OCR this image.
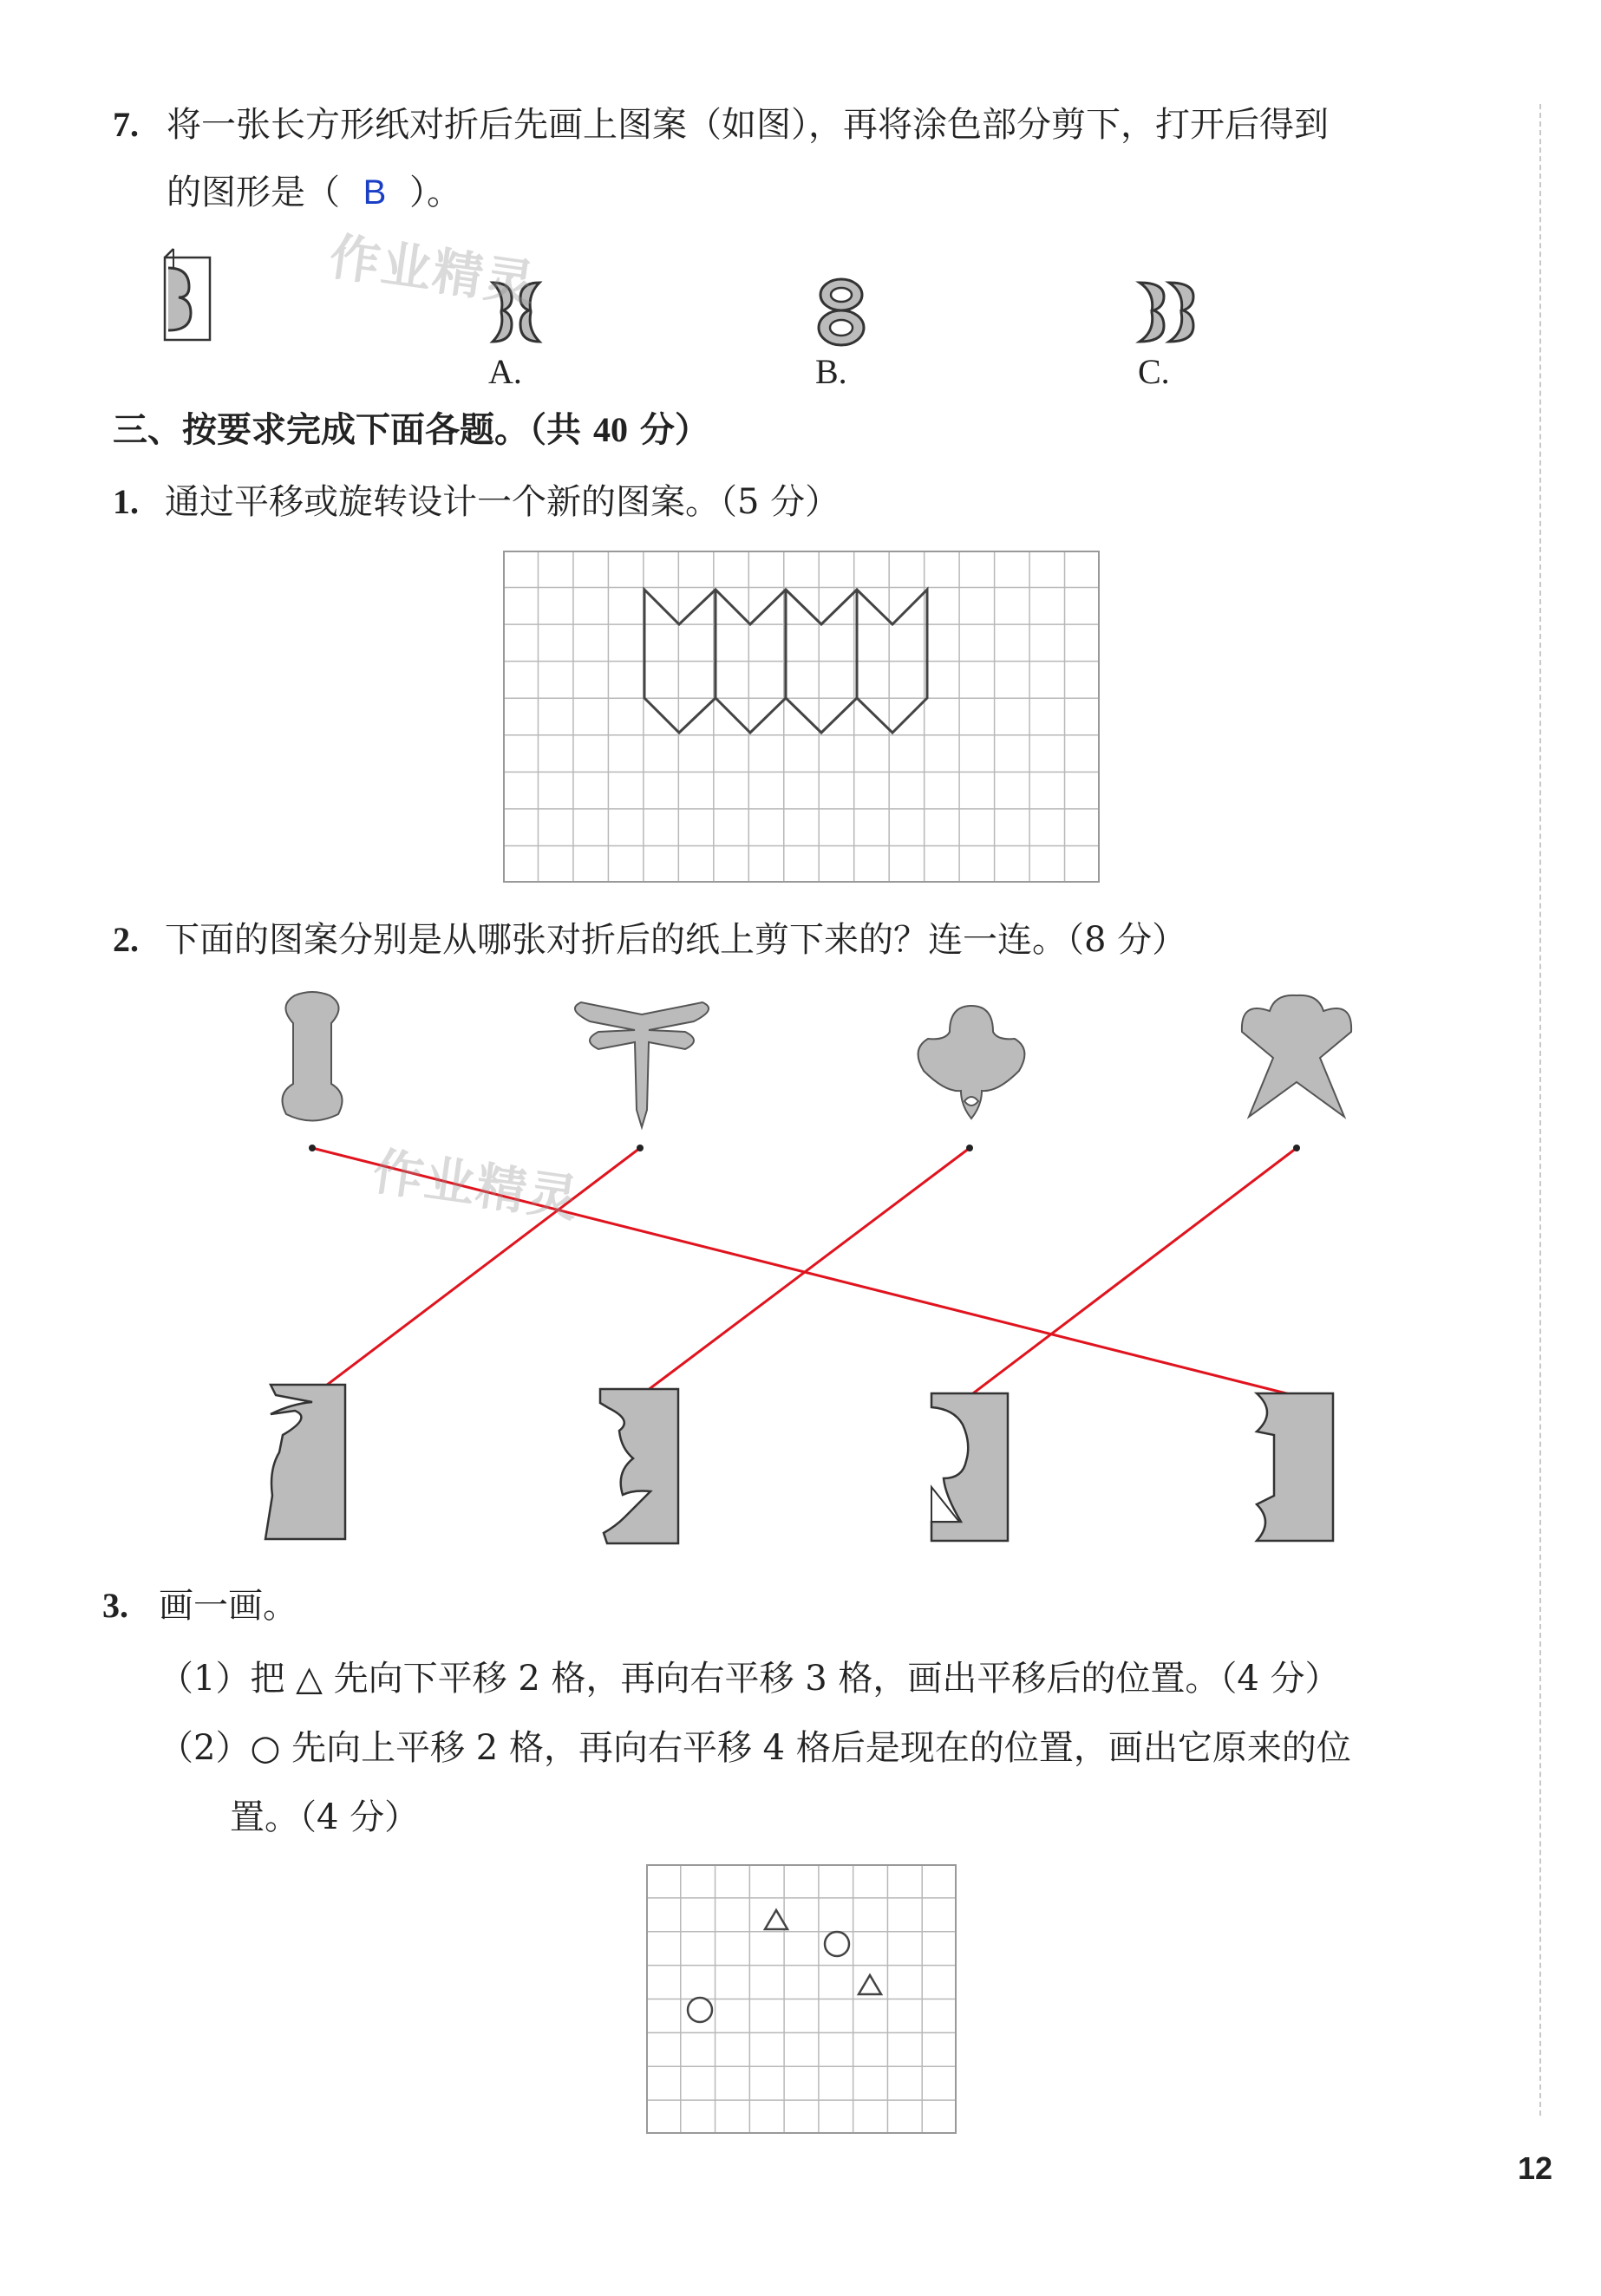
7. 将一张长方形纸对折后先画上图案（如图），再将涂色部分剪下，打开后得到
的图形是（ B ）。
A.	B.	C.
作业精灵
三、按要求完成下面各题。（共 40 分）
1. 通过平移或旋转设计一个新的图案。（5 分）
2. 下面的图案分别是从哪张对折后的纸上剪下来的？连一连。（8 分）
作业精灵
3. 画一画。
（1）把 △ 先向下平移 2 格，再向右平移 3 格，画出平移后的位置。（4 分）
（2）○ 先向上平移 2 格，再向右平移 4 格后是现在的位置，画出它原来的位
置。（4 分）
12
